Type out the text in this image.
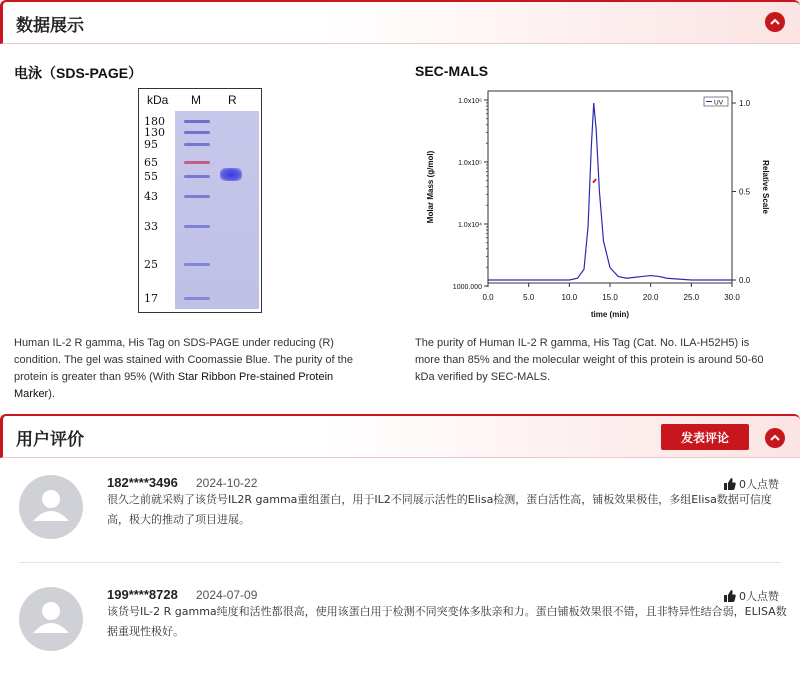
数据展示
电泳（SDS-PAGE）	SEC-MALS
kDa M R
180
130
95
65
55
43
33
25
17

Human IL-2 R gamma, His Tag on SDS-PAGE under reducing (R) condition. The gel was stained with Coomassie Blue. The purity of the protein is greater than 95% (With Star Ribbon Pre-stained Protein Marker).

0.0	5.0	10.0	15.0	20.0	25.0	30.0
time (min)
1.0x10⁶
1.0x10⁵
1.0x10⁴
1000.000
Molar Mass (g/mol)
1.0
0.5
0.0
Relative Scale
UV

The purity of Human IL-2 R gamma, His Tag (Cat. No. ILA-H52H5) is more than 85% and the molecular weight of this protein is around 50-60 kDa verified by SEC-MALS.

用户评价	发表评论
182****3496 2024-10-22	0人点赞

很久之前就采购了该货号IL2R gamma重组蛋白，用于IL2不同展示活性的Elisa检测，蛋白活性高，铺板效果极佳，多组Elisa数据可信度高，极大的推动了项目进展。

199****8728 2024-07-09	0人点赞

该货号IL-2 R gamma纯度和活性都很高，使用该蛋白用于检测不同突变体多肽亲和力。蛋白铺板效果很不错，且非特异性结合弱，ELISA数据重现性极好。
